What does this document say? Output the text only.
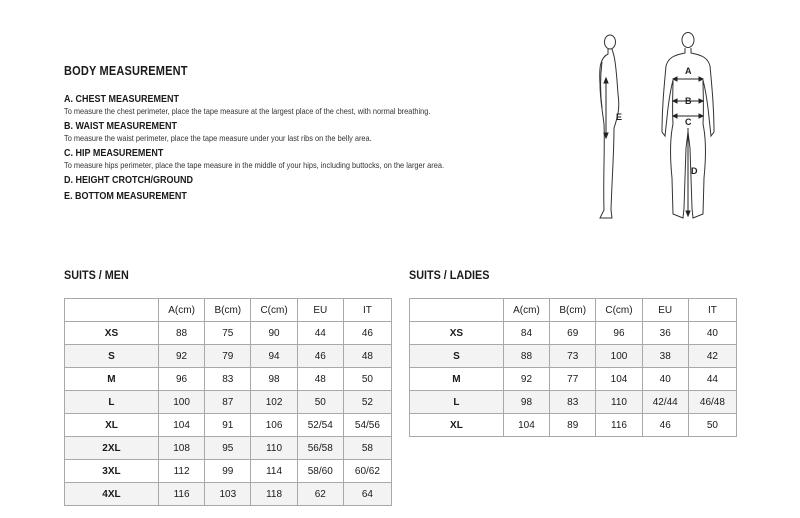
BODY MEASUREMENT
A. CHEST MEASUREMENT
To measure the chest perimeter, place the tape measure at the largest place of the chest, with normal breathing.
B. WAIST MEASUREMENT
To measure the waist perimeter, place the tape measure under your last ribs on the belly area.
C. HIP MEASUREMENT
To measure hips perimeter, place the tape measure in the middle of your hips, including buttocks, on the larger area.
D. HEIGHT CROTCH/GROUND
E. BOTTOM MEASUREMENT
A
B
C
D
E
SUITS / MEN
	A(cm)	B(cm)	C(cm)	EU	IT
XS	88	75	90	44	46
S	92	79	94	46	48
M	96	83	98	48	50
L	100	87	102	50	52
XL	104	91	106	52/54	54/56
2XL	108	95	110	56/58	58
3XL	112	99	114	58/60	60/62
4XL	116	103	118	62	64
SUITS / LADIES
	A(cm)	B(cm)	C(cm)	EU	IT
XS	84	69	96	36	40
S	88	73	100	38	42
M	92	77	104	40	44
L	98	83	110	42/44	46/48
XL	104	89	116	46	50
